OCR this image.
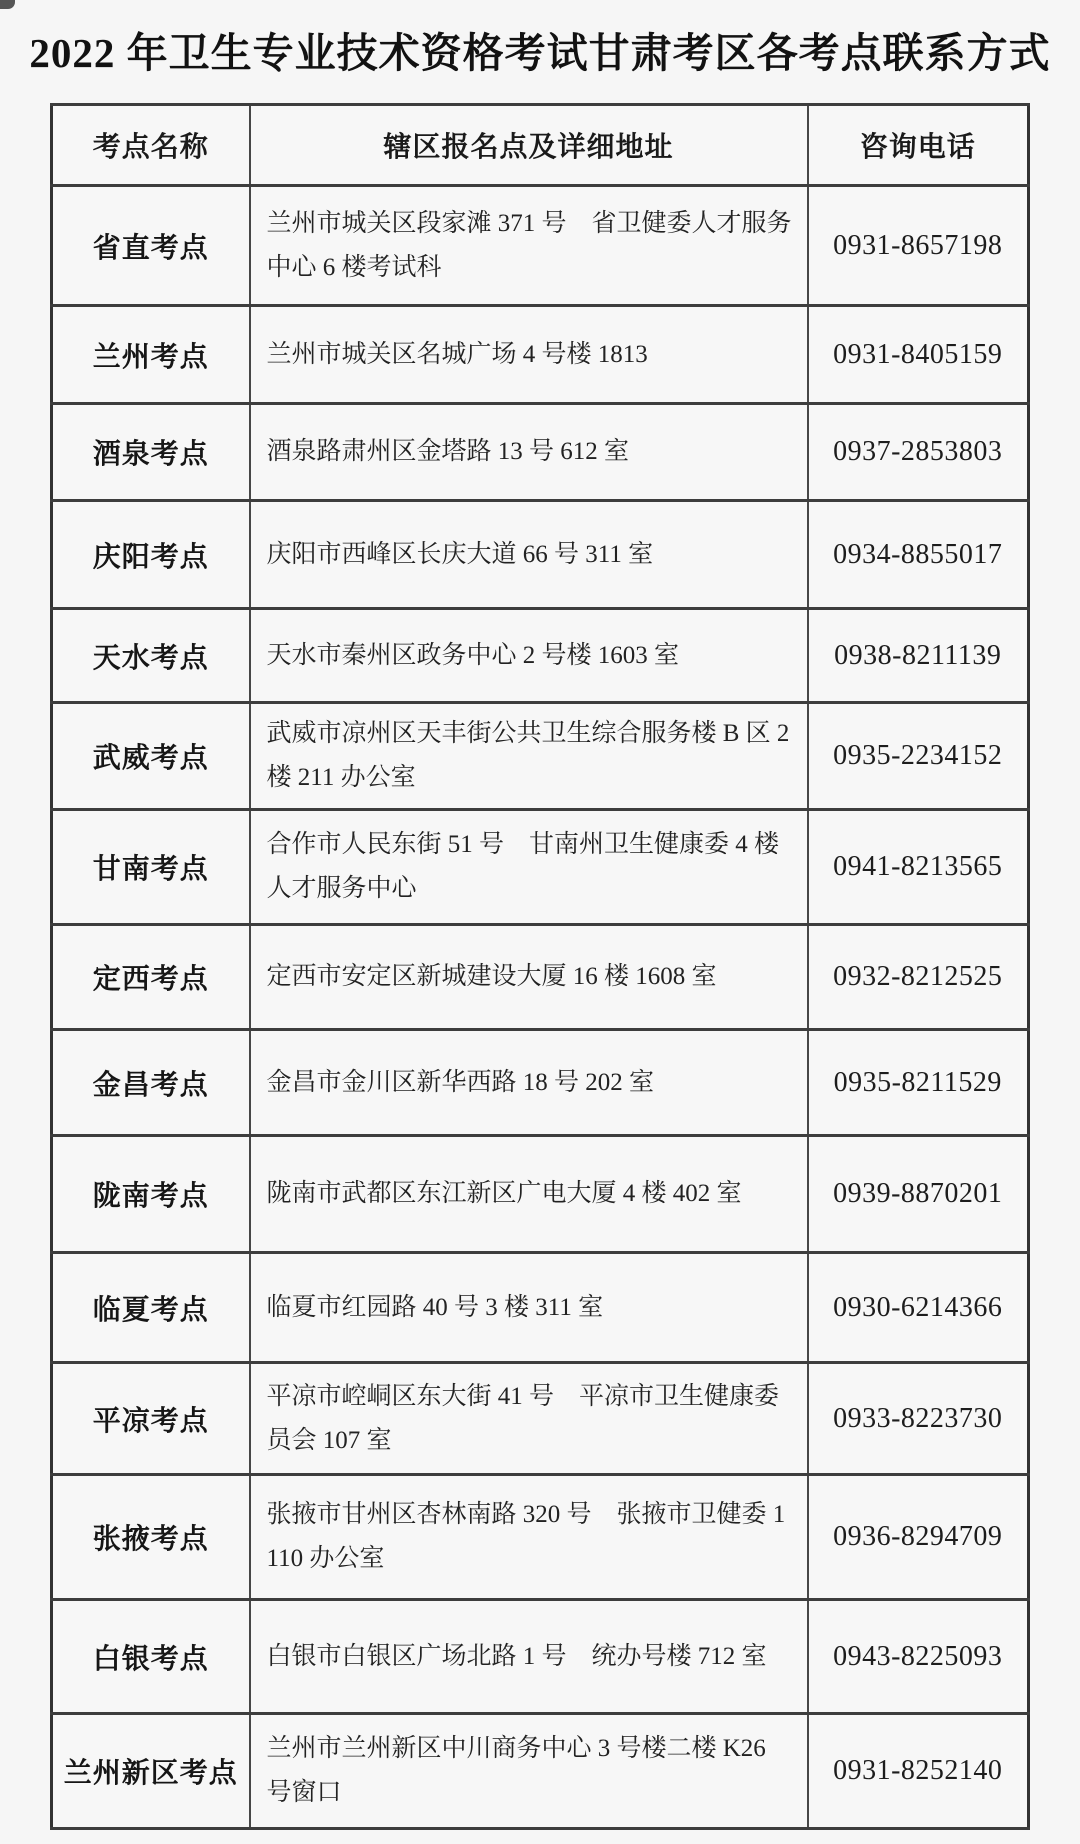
2022 年卫生专业技术资格考试甘肃考区各考点联系方式
考点名称	辖区报名点及详细地址	咨询电话
省直考点	兰州市城关区段家滩 371 号　省卫健委人才服务中心 6 楼考试科	0931-8657198
兰州考点	兰州市城关区名城广场 4 号楼 1813	0931-8405159
酒泉考点	酒泉路肃州区金塔路 13 号 612 室	0937-2853803
庆阳考点	庆阳市西峰区长庆大道 66 号 311 室	0934-8855017
天水考点	天水市秦州区政务中心 2 号楼 1603 室	0938-8211139
武威考点	武威市凉州区天丰街公共卫生综合服务楼 B 区 2 楼 211 办公室	0935-2234152
甘南考点	合作市人民东街 51 号　甘南州卫生健康委 4 楼人才服务中心	0941-8213565
定西考点	定西市安定区新城建设大厦 16 楼 1608 室	0932-8212525
金昌考点	金昌市金川区新华西路 18 号 202 室	0935-8211529
陇南考点	陇南市武都区东江新区广电大厦 4 楼 402 室	0939-8870201
临夏考点	临夏市红园路 40 号 3 楼 311 室	0930-6214366
平凉考点	平凉市崆峒区东大街 41 号　平凉市卫生健康委员会 107 室	0933-8223730
张掖考点	张掖市甘州区杏林南路 320 号　张掖市卫健委 1110 办公室	0936-8294709
白银考点	白银市白银区广场北路 1 号　统办号楼 712 室	0943-8225093
兰州新区考点	兰州市兰州新区中川商务中心 3 号楼二楼 K26 号窗口	0931-8252140
